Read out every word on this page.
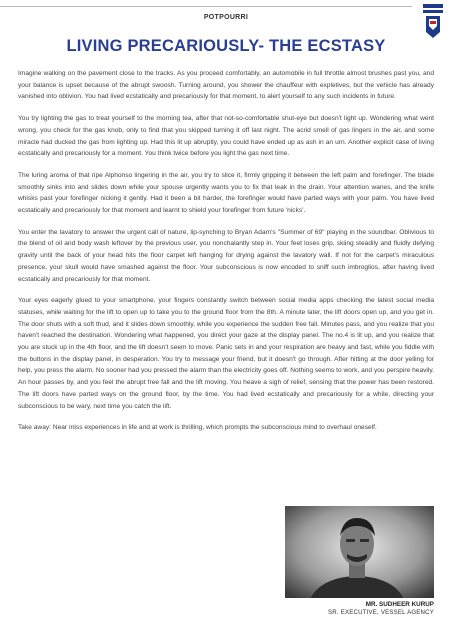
POTPOURRI
LIVING PRECARIOUSLY- THE ECSTASY

Imagine walking on the pavement close to the tracks. As you proceed comfortably, an automobile in full throttle almost brushes past you, and your balance is upset because of the abrupt swoosh. Turning around, you shower the chauffeur with expletives, but the vehicle has already vanished into oblivion. You had lived ecstatically and precariously for that moment, to alert yourself to any such incidents in future.

You try lighting the gas to treat yourself to the morning tea, after that not-so-comfortable shut-eye but doesn't light up. Wondering what went wrong, you check for the gas knob, only to find that you skipped turning it off last night. The acrid smell of gas lingers in the air, and some miracle had ducked the gas from lighting up. Had this lit up abruptly, you could have ended up as ash in an urn. Another explicit case of living ecstatically and precariously for a moment. You think twice before you light the gas next time.

The luring aroma of that ripe Alphonso lingering in the air, you try to slice it, firmly gripping it between the left palm and forefinger. The blade smoothly sinks into and slides down while your spouse urgently wants you to fix that leak in the drain. Your attention wanes, and the knife whisks past your forefinger nicking it gently. Had it been a bit harder, the forefinger would have parted ways with your palm. You have lived ecstatically and precariously for that moment and learnt to shield your forefinger from future 'nicks'.

You enter the lavatory to answer the urgent call of nature, lip-synching to Bryan Adam's "Summer of 69" playing in the soundbar. Oblivious to the blend of oil and body wash leftover by the previous user, you nonchalantly step in. Your feet loses grip, skiing steadily and fluidly defying gravity until the back of your head hits the floor carpet left hanging for drying against the lavatory wall. If not for the carpet's miraculous presence, your skull would have smashed against the floor. Your subconscious is now encoded to sniff such imbroglios, after having lived ecstatically and precariously for that moment.

Your eyes eagerly glued to your smartphone, your fingers constantly switch between social media apps checking the latest social media statuses, while waiting for the lift to open up to take you to the ground floor from the 8th. A minute later, the lift doors open up, and you get in. The door shuts with a soft thud, and it slides down smoothly, while you experience the sudden free fall. Minutes pass, and you realize that you haven't reached the destination. Wondering what happened, you direct your gaze at the display panel. The no.4 is lit up, and you realize that you are stuck up in the 4th floor, and the lift doesn't seem to move. Panic sets in and your respiration are heavy and fast, while you fiddle with the buttons in the display panel, in desperation. You try to message your friend, but it doesn't go through. After hitting at the door yelling for help, you press the alarm. No sooner had you pressed the alarm than the electricity goes off. Nothing seems to work, and you perspire heavily. An hour passes by, and you feel the abrupt free fall and the lift moving. You heave a sigh of relief, sensing that the power has been restored. The lift doors have parted ways on the ground floor, by the time. You had lived ecstatically and precariously for a while, directing your subconscious to be wary, next time you catch the lift.

Take away: Near miss experiences in life and at work is thrilling, which prompts the subconscious mind to overhaul oneself.

MR. SUDHEER KURUP
SR. EXECUTIVE, VESSEL AGENCY
